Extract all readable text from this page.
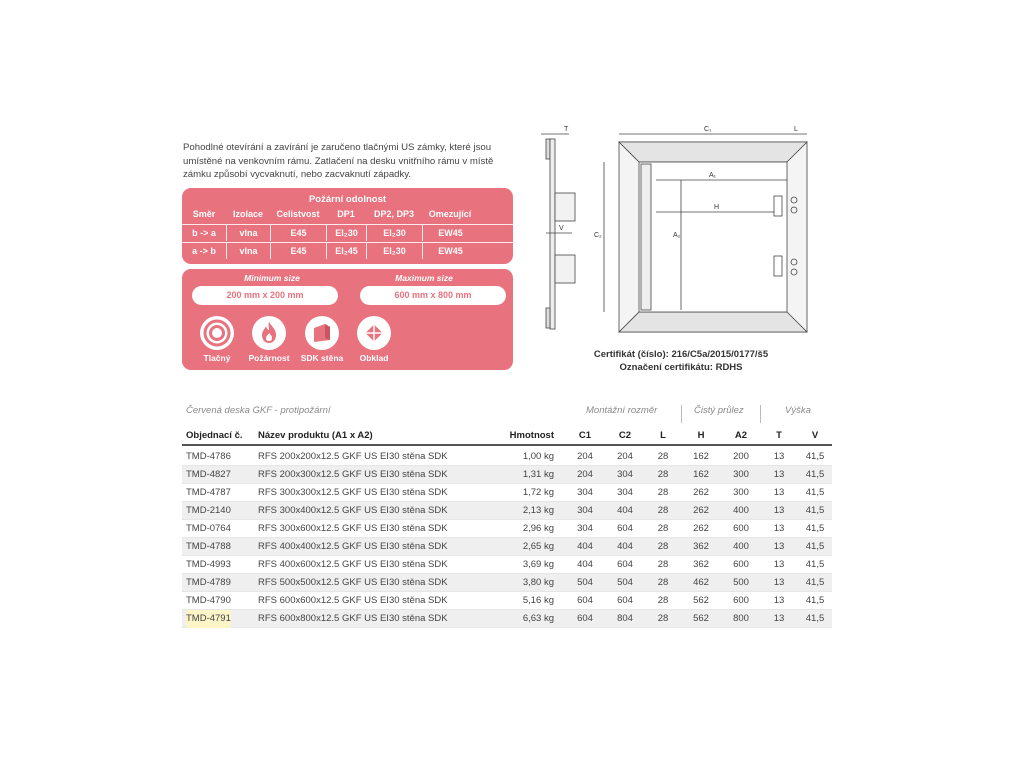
Pohodlné otevírání a zavírání je zaručeno tlačnými US zámky, které jsou
umístěné na venkovním rámu. Zatlačení na desku vnitřního rámu v místě
zámku způsobí vycvaknutí, nebo zacvaknutí západky.
Požární odolnost
Směr	Izolace	Celistvost	DP1	DP2, DP3	Omezující
b -> a	vlna	E45	EI₂30	EI₂30	EW45
a -> b	vlna	E45	EI₂45	EI₂30	EW45
Minimum size
200 mm x 200 mm
Maximum size
600 mm x 800 mm
Tlačný	Požárnost	SDK stěna	Obklad
T
V
C₁	L
A₁
H
C₂	A₂
Certifikát (číslo): 216/C5a/2015/0177/š5
Označení certifikátu: RDHS
Červená deska GKF - protipožární	Montážní rozměr	Čistý průlez	Výška
Objednací č. Název produktu (A1 x A2)	Hmotnost	C1	C2	L	H	A2	T	V
TMD-4786	RFS 200x200x12.5 GKF US EI30 stěna SDK	1,00 kg	204	204	28	162	200	13	41,5
TMD-4827	RFS 200x300x12.5 GKF US EI30 stěna SDK	1,31 kg	204	304	28	162	300	13	41,5
TMD-4787	RFS 300x300x12.5 GKF US EI30 stěna SDK	1,72 kg	304	304	28	262	300	13	41,5
TMD-2140	RFS 300x400x12.5 GKF US EI30 stěna SDK	2,13 kg	304	404	28	262	400	13	41,5
TMD-0764	RFS 300x600x12.5 GKF US EI30 stěna SDK	2,96 kg	304	604	28	262	600	13	41,5
TMD-4788	RFS 400x400x12.5 GKF US EI30 stěna SDK	2,65 kg	404	404	28	362	400	13	41,5
TMD-4993	RFS 400x600x12.5 GKF US EI30 stěna SDK	3,69 kg	404	604	28	362	600	13	41,5
TMD-4789	RFS 500x500x12.5 GKF US EI30 stěna SDK	3,80 kg	504	504	28	462	500	13	41,5
TMD-4790	RFS 600x600x12.5 GKF US EI30 stěna SDK	5,16 kg	604	604	28	562	600	13	41,5
TMD-4791	RFS 600x800x12.5 GKF US EI30 stěna SDK	6,63 kg	604	804	28	562	800	13	41,5
